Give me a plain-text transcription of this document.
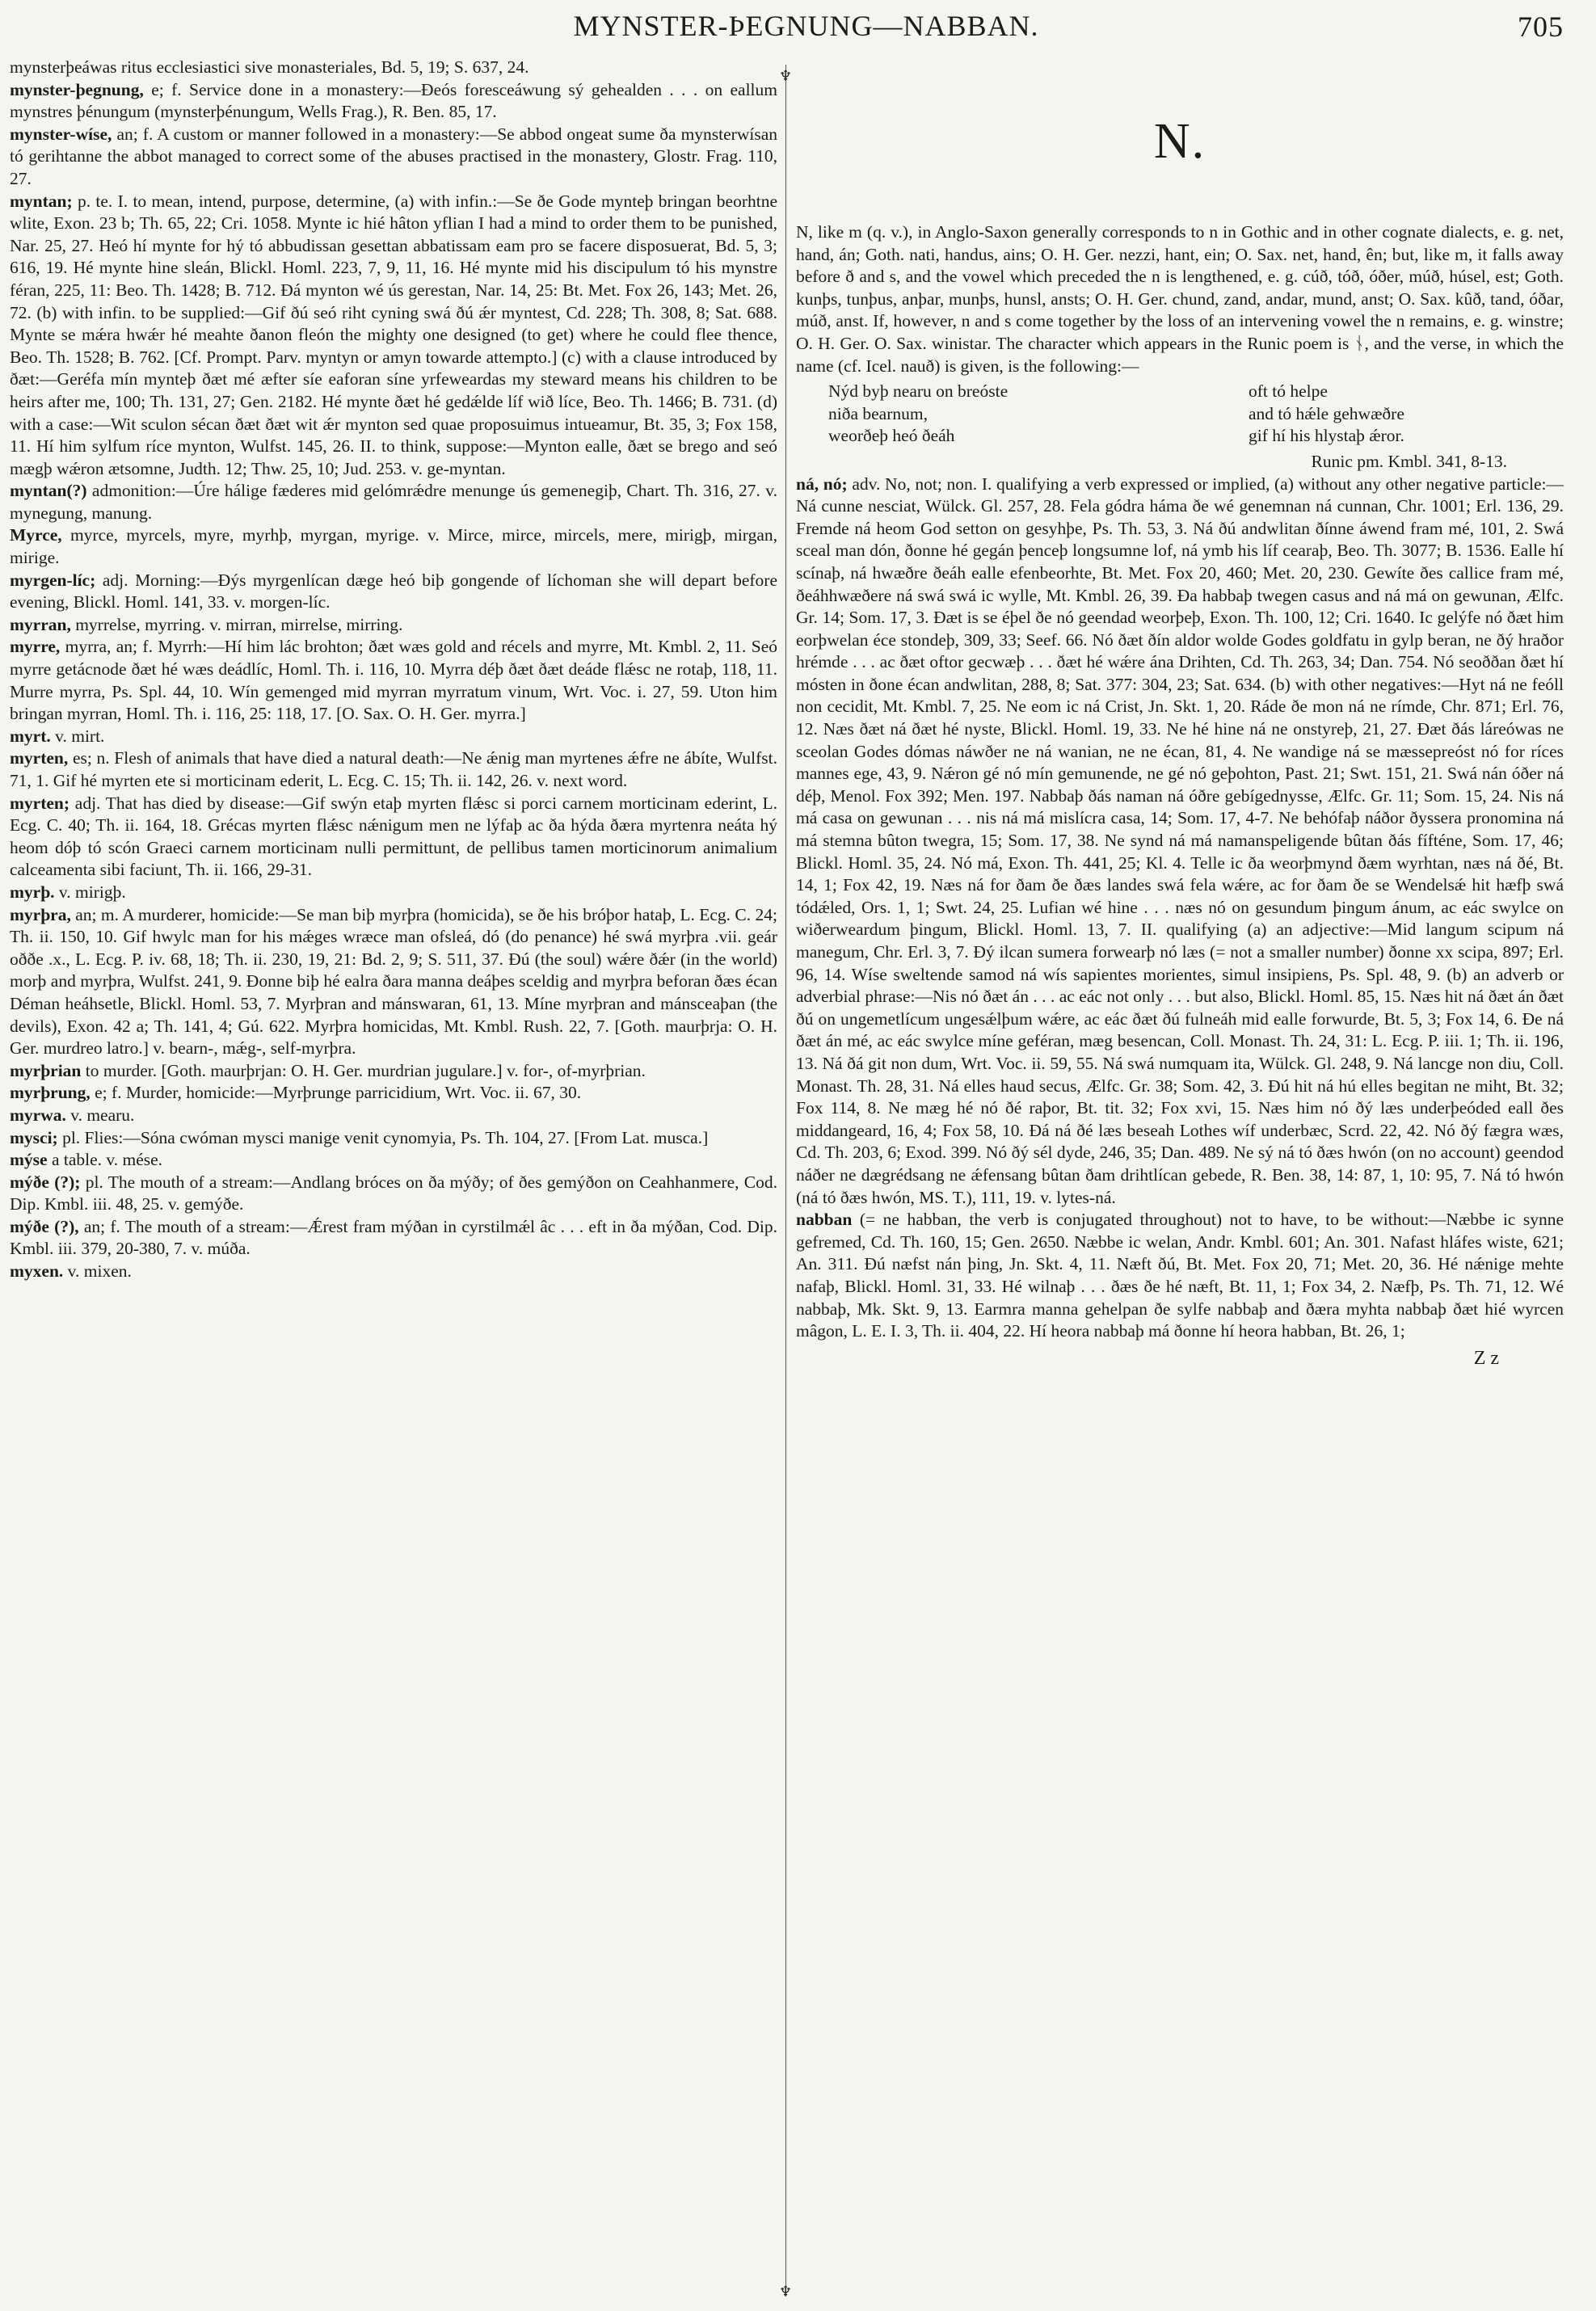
MYNSTER-ÞEGNUNG—NABBAN.	705
♆
♆

mynsterþeáwas ritus ecclesiastici sive monasteriales, Bd. 5, 19; S. 637, 24.

mynster-þegnung, e; f. Service done in a monastery:—Ðeós foresceáwung sý gehealden . . . on eallum mynstres þénungum (mynsterþénungum, Wells Frag.), R. Ben. 85, 17.

mynster-wíse, an; f. A custom or manner followed in a monastery:—Se abbod ongeat sume ða mynsterwísan tó gerihtanne the abbot managed to correct some of the abuses practised in the monastery, Glostr. Frag. 110, 27.

myntan; p. te. I. to mean, intend, purpose, determine, (a) with infin.:—Se ðe Gode mynteþ bringan beorhtne wlite, Exon. 23 b; Th. 65, 22; Cri. 1058. Mynte ic hié hâton yflian I had a mind to order them to be punished, Nar. 25, 27. Heó hí mynte for hý tó abbudissan gesettan abbatissam eam pro se facere disposuerat, Bd. 5, 3; 616, 19. Hé mynte hine sleán, Blickl. Homl. 223, 7, 9, 11, 16. Hé mynte mid his discipulum tó his mynstre féran, 225, 11: Beo. Th. 1428; B. 712. Ðá mynton wé ús gerestan, Nar. 14, 25: Bt. Met. Fox 26, 143; Met. 26, 72. (b) with infin. to be supplied:—Gif ðú seó riht cyning swá ðú ǽr myntest, Cd. 228; Th. 308, 8; Sat. 688. Mynte se mǽra hwǽr hé meahte ðanon fleón the mighty one designed (to get) where he could flee thence, Beo. Th. 1528; B. 762. [Cf. Prompt. Parv. myntyn or amyn towarde attempto.] (c) with a clause introduced by ðæt:—Geréfa mín mynteþ ðæt mé æfter síe eaforan síne yrfeweardas my steward means his children to be heirs after me, 100; Th. 131, 27; Gen. 2182. Hé mynte ðæt hé gedǽlde líf wið líce, Beo. Th. 1466; B. 731. (d) with a case:—Wit sculon sécan ðæt ðæt wit ǽr mynton sed quae proposuimus intueamur, Bt. 35, 3; Fox 158, 11. Hí him sylfum ríce mynton, Wulfst. 145, 26. II. to think, suppose:—Mynton ealle, ðæt se brego and seó mægþ wǽron ætsomne, Judth. 12; Thw. 25, 10; Jud. 253. v. ge-myntan.

myntan(?) admonition:—Úre hálige fæderes mid gelómrǽdre menunge ús gemenegiþ, Chart. Th. 316, 27. v. mynegung, manung.

Myrce, myrce, myrcels, myre, myrhþ, myrgan, myrige. v. Mirce, mirce, mircels, mere, mirigþ, mirgan, mirige.

myrgen-líc; adj. Morning:—Ðýs myrgenlícan dæge heó biþ gongende of líchoman she will depart before evening, Blickl. Homl. 141, 33. v. morgen-líc.

myrran, myrrelse, myrring. v. mirran, mirrelse, mirring.

myrre, myrra, an; f. Myrrh:—Hí him lác brohton; ðæt wæs gold and récels and myrre, Mt. Kmbl. 2, 11. Seó myrre getácnode ðæt hé wæs deádlíc, Homl. Th. i. 116, 10. Myrra déþ ðæt ðæt deáde flǽsc ne rotaþ, 118, 11. Murre myrra, Ps. Spl. 44, 10. Wín gemenged mid myrran myrratum vinum, Wrt. Voc. i. 27, 59. Uton him bringan myrran, Homl. Th. i. 116, 25: 118, 17. [O. Sax. O. H. Ger. myrra.]

myrt. v. mirt.

myrten, es; n. Flesh of animals that have died a natural death:—Ne ǽnig man myrtenes ǽfre ne ábíte, Wulfst. 71, 1. Gif hé myrten ete si morticinam ederit, L. Ecg. C. 15; Th. ii. 142, 26. v. next word.

myrten; adj. That has died by disease:—Gif swýn etaþ myrten flǽsc si porci carnem morticinam ederint, L. Ecg. C. 40; Th. ii. 164, 18. Grécas myrten flǽsc nǽnigum men ne lýfaþ ac ða hýda ðæra myrtenra neáta hý heom dóþ tó scón Graeci carnem morticinam nulli permittunt, de pellibus tamen morticinorum animalium calceamenta sibi faciunt, Th. ii. 166, 29-31.

myrþ. v. mirigþ.

myrþra, an; m. A murderer, homicide:—Se man biþ myrþra (homicida), se ðe his bróþor hataþ, L. Ecg. C. 24; Th. ii. 150, 10. Gif hwylc man for his mǽges wræce man ofsleá, dó (do penance) hé swá myrþra .vii. geár oððe .x., L. Ecg. P. iv. 68, 18; Th. ii. 230, 19, 21: Bd. 2, 9; S. 511, 37. Ðú (the soul) wǽre ðǽr (in the world) morþ and myrþra, Wulfst. 241, 9. Ðonne biþ hé ealra ðara manna deáþes sceldig and myrþra beforan ðæs écan Déman heáhsetle, Blickl. Homl. 53, 7. Myrþran and mánswaran, 61, 13. Míne myrþran and mánsceaþan (the devils), Exon. 42 a; Th. 141, 4; Gú. 622. Myrþra homicidas, Mt. Kmbl. Rush. 22, 7. [Goth. maurþrja: O. H. Ger. murdreo latro.] v. bearn-, mǽg-, self-myrþra.

myrþrian to murder. [Goth. maurþrjan: O. H. Ger. murdrian jugulare.] v. for-, of-myrþrian.

myrþrung, e; f. Murder, homicide:—Myrþrunge parricidium, Wrt. Voc. ii. 67, 30.

myrwa. v. mearu.

mysci; pl. Flies:—Sóna cwóman mysci manige venit cynomyia, Ps. Th. 104, 27. [From Lat. musca.]

mýse a table. v. mése.

mýðe (?); pl. The mouth of a stream:—Andlang bróces on ða mýðy; of ðes gemýðon on Ceahhanmere, Cod. Dip. Kmbl. iii. 48, 25. v. gemýðe.

mýðe (?), an; f. The mouth of a stream:—Ǽrest fram mýðan in cyrstilmǽl âc . . . eft in ða mýðan, Cod. Dip. Kmbl. iii. 379, 20-380, 7. v. múða.

myxen. v. mixen.

N.

N, like m (q. v.), in Anglo-Saxon generally corresponds to n in Gothic and in other cognate dialects, e. g. net, hand, án; Goth. nati, handus, ains; O. H. Ger. nezzi, hant, ein; O. Sax. net, hand, ên; but, like m, it falls away before ð and s, and the vowel which preceded the n is lengthened, e. g. cúð, tóð, óðer, múð, húsel, est; Goth. kunþs, tunþus, anþar, munþs, hunsl, ansts; O. H. Ger. chund, zand, andar, mund, anst; O. Sax. kûð, tand, óðar, múð, anst. If, however, n and s come together by the loss of an intervening vowel the n remains, e. g. winstre; O. H. Ger. O. Sax. winistar. The character which appears in the Runic poem is ᚾ, and the verse, in which the name (cf. Icel. nauð) is given, is the following:—

Nýd byþ nearu on breóste	oft tó helpe
niða bearnum,	and tó hǽle gehwæðre
weorðeþ heó ðeáh	gif hí his hlystaþ ǽror.
Runic pm. Kmbl. 341, 8-13.

ná, nó; adv. No, not; non. I. qualifying a verb expressed or implied, (a) without any other negative particle:—Ná cunne nesciat, Wülck. Gl. 257, 28. Fela gódra háma ðe wé genemnan ná cunnan, Chr. 1001; Erl. 136, 29. Fremde ná heom God setton on gesyhþe, Ps. Th. 53, 3. Ná ðú andwlitan ðínne áwend fram mé, 101, 2. Swá sceal man dón, ðonne hé gegán þenceþ longsumne lof, ná ymb his líf cearaþ, Beo. Th. 3077; B. 1536. Ealle hí scínaþ, ná hwæðre ðeáh ealle efenbeorhte, Bt. Met. Fox 20, 460; Met. 20, 230. Gewíte ðes callice fram mé, ðeáhhwæðere ná swá swá ic wylle, Mt. Kmbl. 26, 39. Ða habbaþ twegen casus and ná má on gewunan, Ælfc. Gr. 14; Som. 17, 3. Ðæt is se éþel ðe nó geendad weorþeþ, Exon. Th. 100, 12; Cri. 1640. Ic gelýfe nó ðæt him eorþwelan éce stondeþ, 309, 33; Seef. 66. Nó ðæt ðín aldor wolde Godes goldfatu in gylp beran, ne ðý hraðor hrémde . . . ac ðæt oftor gecwæþ . . . ðæt hé wǽre ána Drihten, Cd. Th. 263, 34; Dan. 754. Nó seoððan ðæt hí mósten in ðone écan andwlitan, 288, 8; Sat. 377: 304, 23; Sat. 634. (b) with other negatives:—Hyt ná ne feóll non cecidit, Mt. Kmbl. 7, 25. Ne eom ic ná Crist, Jn. Skt. 1, 20. Ráde ðe mon ná ne rímde, Chr. 871; Erl. 76, 12. Næs ðæt ná ðæt hé nyste, Blickl. Homl. 19, 33. Ne hé hine ná ne onstyreþ, 21, 27. Ðæt ðás láreówas ne sceolan Godes dómas náwðer ne ná wanian, ne ne écan, 81, 4. Ne wandige ná se mæssepreóst nó for ríces mannes ege, 43, 9. Nǽron gé nó mín gemunende, ne gé nó geþohton, Past. 21; Swt. 151, 21. Swá nán óðer ná déþ, Menol. Fox 392; Men. 197. Nabbaþ ðás naman ná óðre gebígednysse, Ælfc. Gr. 11; Som. 15, 24. Nis ná má casa on gewunan . . . nis ná má mislícra casa, 14; Som. 17, 4-7. Ne behófaþ náðor ðyssera pronomina ná má stemna bûton twegra, 15; Som. 17, 38. Ne synd ná má namanspeligende bûtan ðás fífténe, Som. 17, 46; Blickl. Homl. 35, 24. Nó má, Exon. Th. 441, 25; Kl. 4. Telle ic ða weorþmynd ðæm wyrhtan, næs ná ðé, Bt. 14, 1; Fox 42, 19. Næs ná for ðam ðe ðæs landes swá fela wǽre, ac for ðam ðe se Wendelsǽ hit hæfþ swá tódǽled, Ors. 1, 1; Swt. 24, 25. Lufian wé hine . . . næs nó on gesundum þingum ánum, ac eác swylce on wiðerweardum þingum, Blickl. Homl. 13, 7. II. qualifying (a) an adjective:—Mid langum scipum ná manegum, Chr. Erl. 3, 7. Ðý ilcan sumera forwearþ nó læs (= not a smaller number) ðonne xx scipa, 897; Erl. 96, 14. Wíse sweltende samod ná wís sapientes morientes, simul insipiens, Ps. Spl. 48, 9. (b) an adverb or adverbial phrase:—Nis nó ðæt án . . . ac eác not only . . . but also, Blickl. Homl. 85, 15. Næs hit ná ðæt án ðæt ðú on ungemetlícum ungesǽlþum wǽre, ac eác ðæt ðú fulneáh mid ealle forwurde, Bt. 5, 3; Fox 14, 6. Ðe ná ðæt án mé, ac eác swylce míne geféran, mæg besencan, Coll. Monast. Th. 24, 31: L. Ecg. P. iii. 1; Th. ii. 196, 13. Ná ðá git non dum, Wrt. Voc. ii. 59, 55. Ná swá numquam ita, Wülck. Gl. 248, 9. Ná lancge non diu, Coll. Monast. Th. 28, 31. Ná elles haud secus, Ælfc. Gr. 38; Som. 42, 3. Ðú hit ná hú elles begitan ne miht, Bt. 32; Fox 114, 8. Ne mæg hé nó ðé raþor, Bt. tit. 32; Fox xvi, 15. Næs him nó ðý læs underþeóded eall ðes middangeard, 16, 4; Fox 58, 10. Ðá ná ðé læs beseah Lothes wíf underbæc, Scrd. 22, 42. Nó ðý fægra wæs, Cd. Th. 203, 6; Exod. 399. Nó ðý sél dyde, 246, 35; Dan. 489. Ne sý ná tó ðæs hwón (on no account) geendod náðer ne dægrédsang ne ǽfensang bûtan ðam drihtlícan gebede, R. Ben. 38, 14: 87, 1, 10: 95, 7. Ná tó hwón (ná tó ðæs hwón, MS. T.), 111, 19. v. lytes-ná.

nabban (= ne habban, the verb is conjugated throughout) not to have, to be without:—Næbbe ic synne gefremed, Cd. Th. 160, 15; Gen. 2650. Næbbe ic welan, Andr. Kmbl. 601; An. 301. Nafast hláfes wiste, 621; An. 311. Ðú næfst nán þing, Jn. Skt. 4, 11. Næft ðú, Bt. Met. Fox 20, 71; Met. 20, 36. Hé nǽnige mehte nafaþ, Blickl. Homl. 31, 33. Hé wilnaþ . . . ðæs ðe hé næft, Bt. 11, 1; Fox 34, 2. Næfþ, Ps. Th. 71, 12. Wé nabbaþ, Mk. Skt. 9, 13. Earmra manna gehelpan ðe sylfe nabbaþ and ðæra myhta nabbaþ ðæt hié wyrcen mâgon, L. E. I. 3, Th. ii. 404, 22. Hí heora nabbaþ má ðonne hí heora habban, Bt. 26, 1;

Z z
